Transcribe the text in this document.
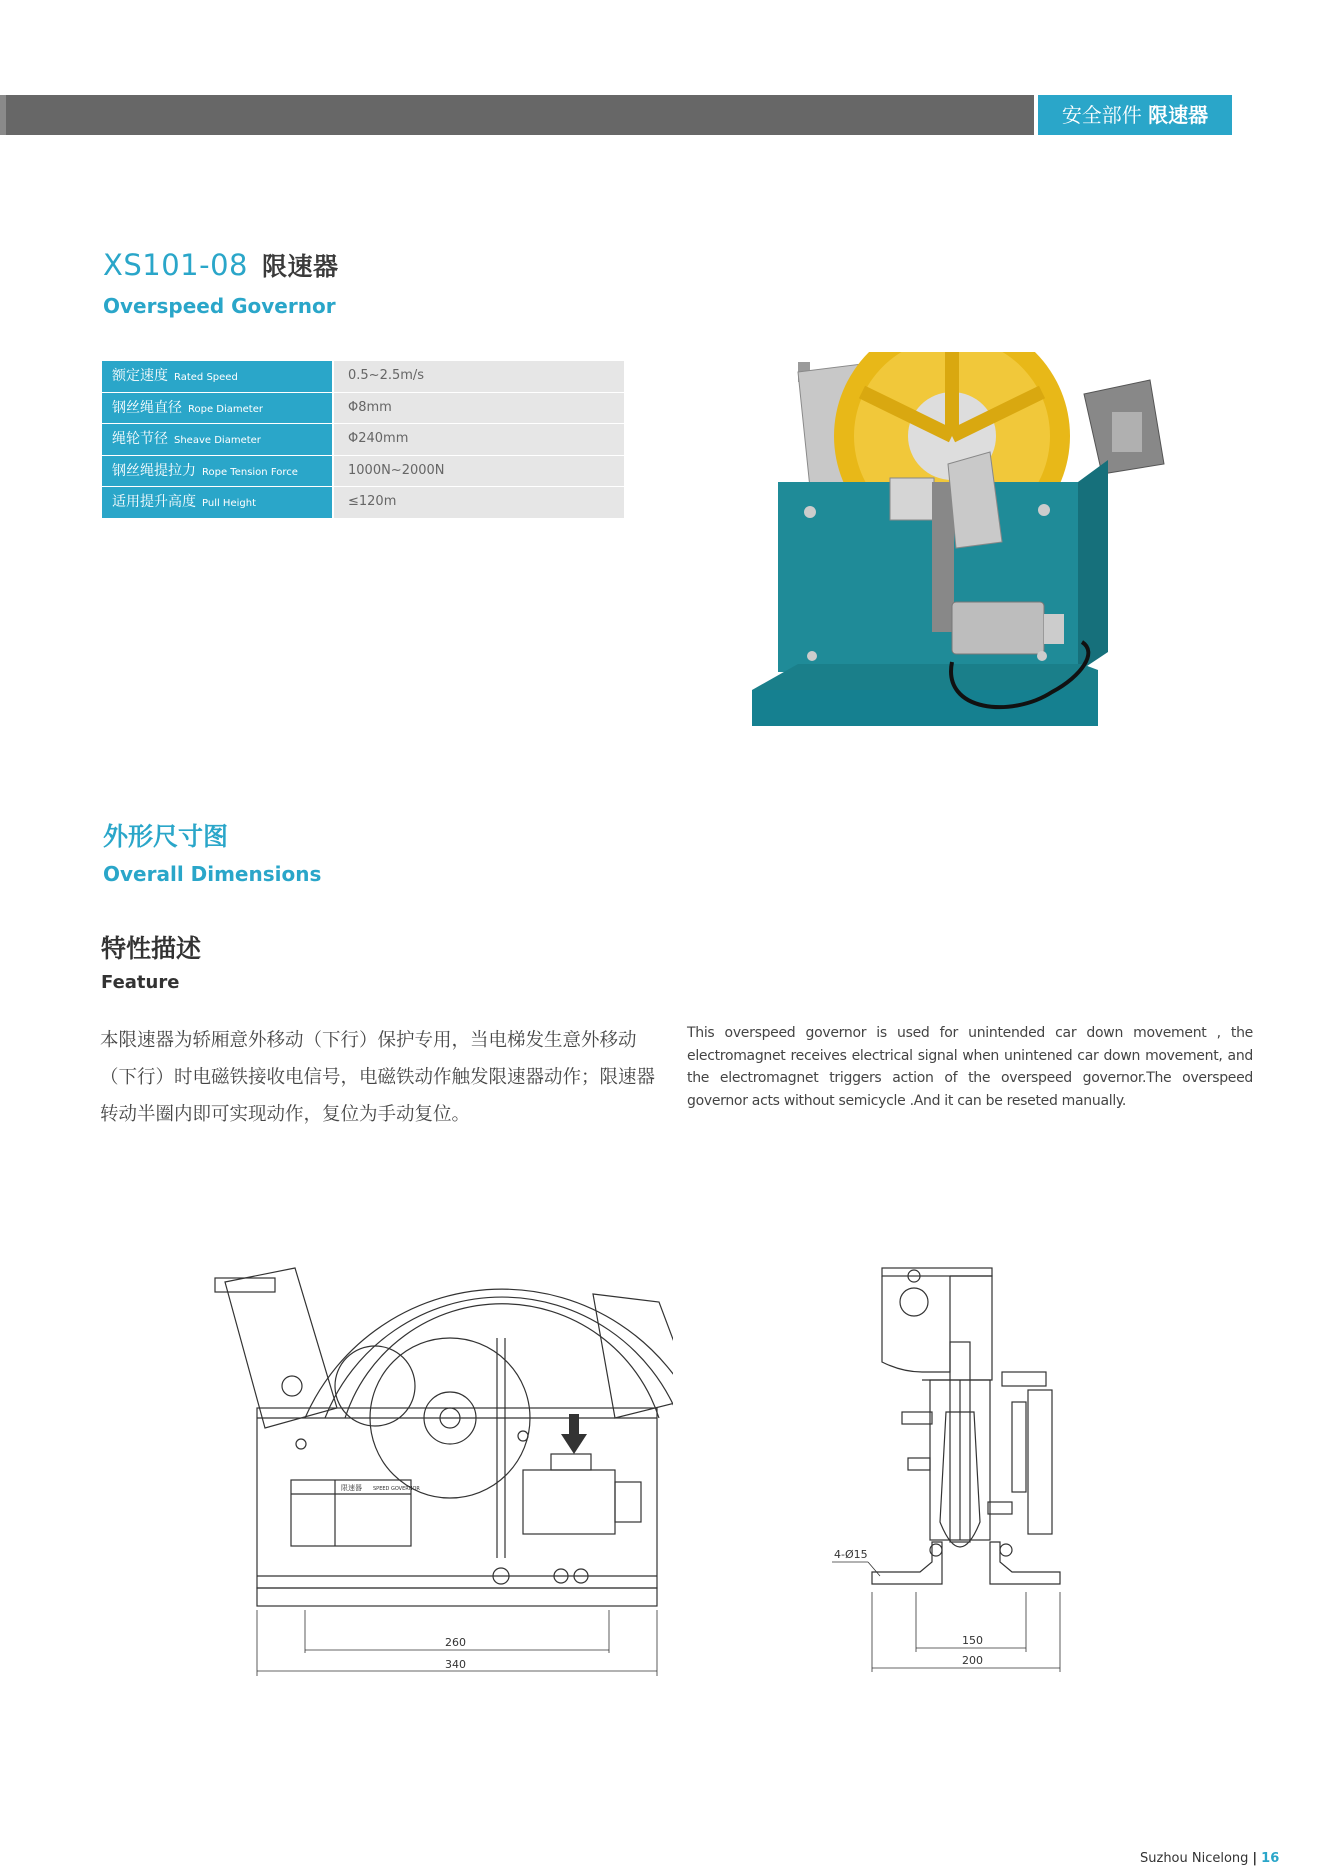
安全部件 限速器
XS101-08 限速器
Overspeed Governor
额定速度 Rated Speed	0.5~2.5m/s
钢丝绳直径 Rope Diameter	Φ8mm
绳轮节径 Sheave Diameter	Φ240mm
钢丝绳提拉力 Rope Tension Force	1000N~2000N
适用提升高度 Pull Height	≤120m
外形尺寸图
Overall Dimensions
特性描述
Feature
本限速器为轿厢意外移动（下行）保护专用，当电梯发生意外移动（下行）时电磁铁接收电信号，电磁铁动作触发限速器动作；限速器转动半圈内即可实现动作，复位为手动复位。
This overspeed governor is used for unintended car down movement , the electromagnet receives electrical signal when unintened car down movement, and the electromagnet triggers action of the overspeed governor.The overspeed governor acts without semicycle .And it can be reseted manually.
限速器 SPEED GOVERNOR
260
340
4-Ø15
150
200
Suzhou Nicelong | 16
